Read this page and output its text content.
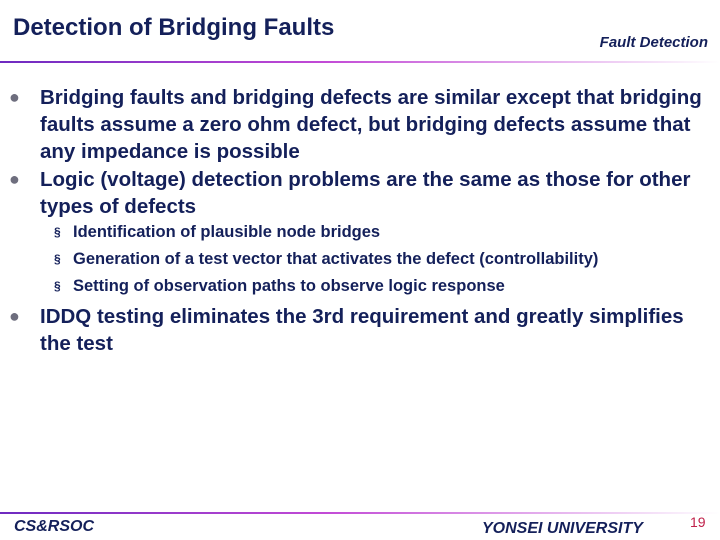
Detection of Bridging Faults
Fault Detection
● Bridging faults and bridging defects are similar except that bridging faults assume a zero ohm defect, but bridging defects assume that any impedance is possible
● Logic (voltage) detection problems are the same as those for other types of defects
§ Identification of plausible node bridges
§ Generation of a test vector that activates the defect (controllability)
§ Setting of observation paths to observe logic response
● IDDQ testing eliminates the 3rd requirement and greatly simplifies the test
CS&RSOC	YONSEI UNIVERSITY	19
